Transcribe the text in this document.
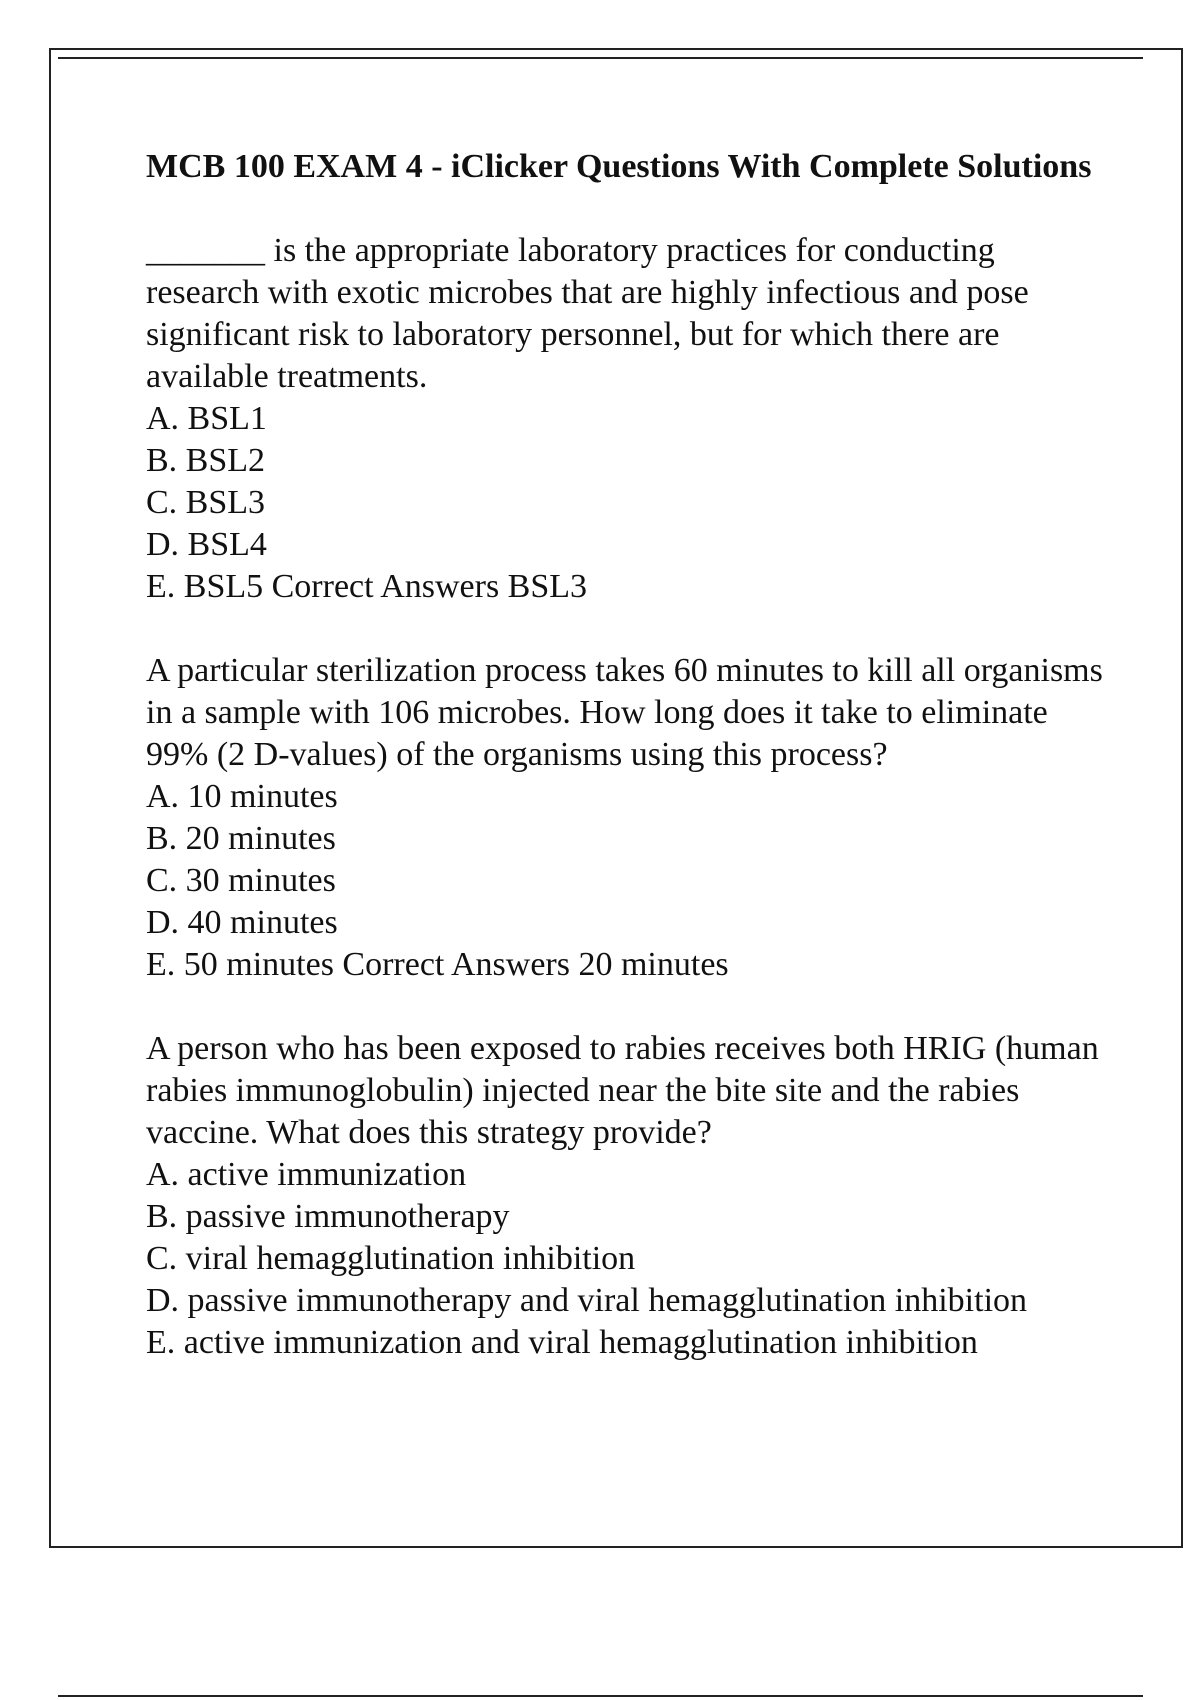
MCB 100 EXAM 4 - iClicker Questions With Complete Solutions

_______ is the appropriate laboratory practices for conducting research with exotic microbes that are highly infectious and pose significant risk to laboratory personnel, but for which there are available treatments.

A. BSL1

B. BSL2

C. BSL3

D. BSL4

E. BSL5 Correct Answers BSL3

A particular sterilization process takes 60 minutes to kill all organisms in a sample with 106 microbes. How long does it take to eliminate 99% (2 D-values) of the organisms using this process?

A. 10 minutes

B. 20 minutes

C. 30 minutes

D. 40 minutes

E. 50 minutes Correct Answers 20 minutes

A person who has been exposed to rabies receives both HRIG (human rabies immunoglobulin) injected near the bite site and the rabies vaccine. What does this strategy provide?

A. active immunization

B. passive immunotherapy

C. viral hemagglutination inhibition

D. passive immunotherapy and viral hemagglutination inhibition

E. active immunization and viral hemagglutination inhibition
